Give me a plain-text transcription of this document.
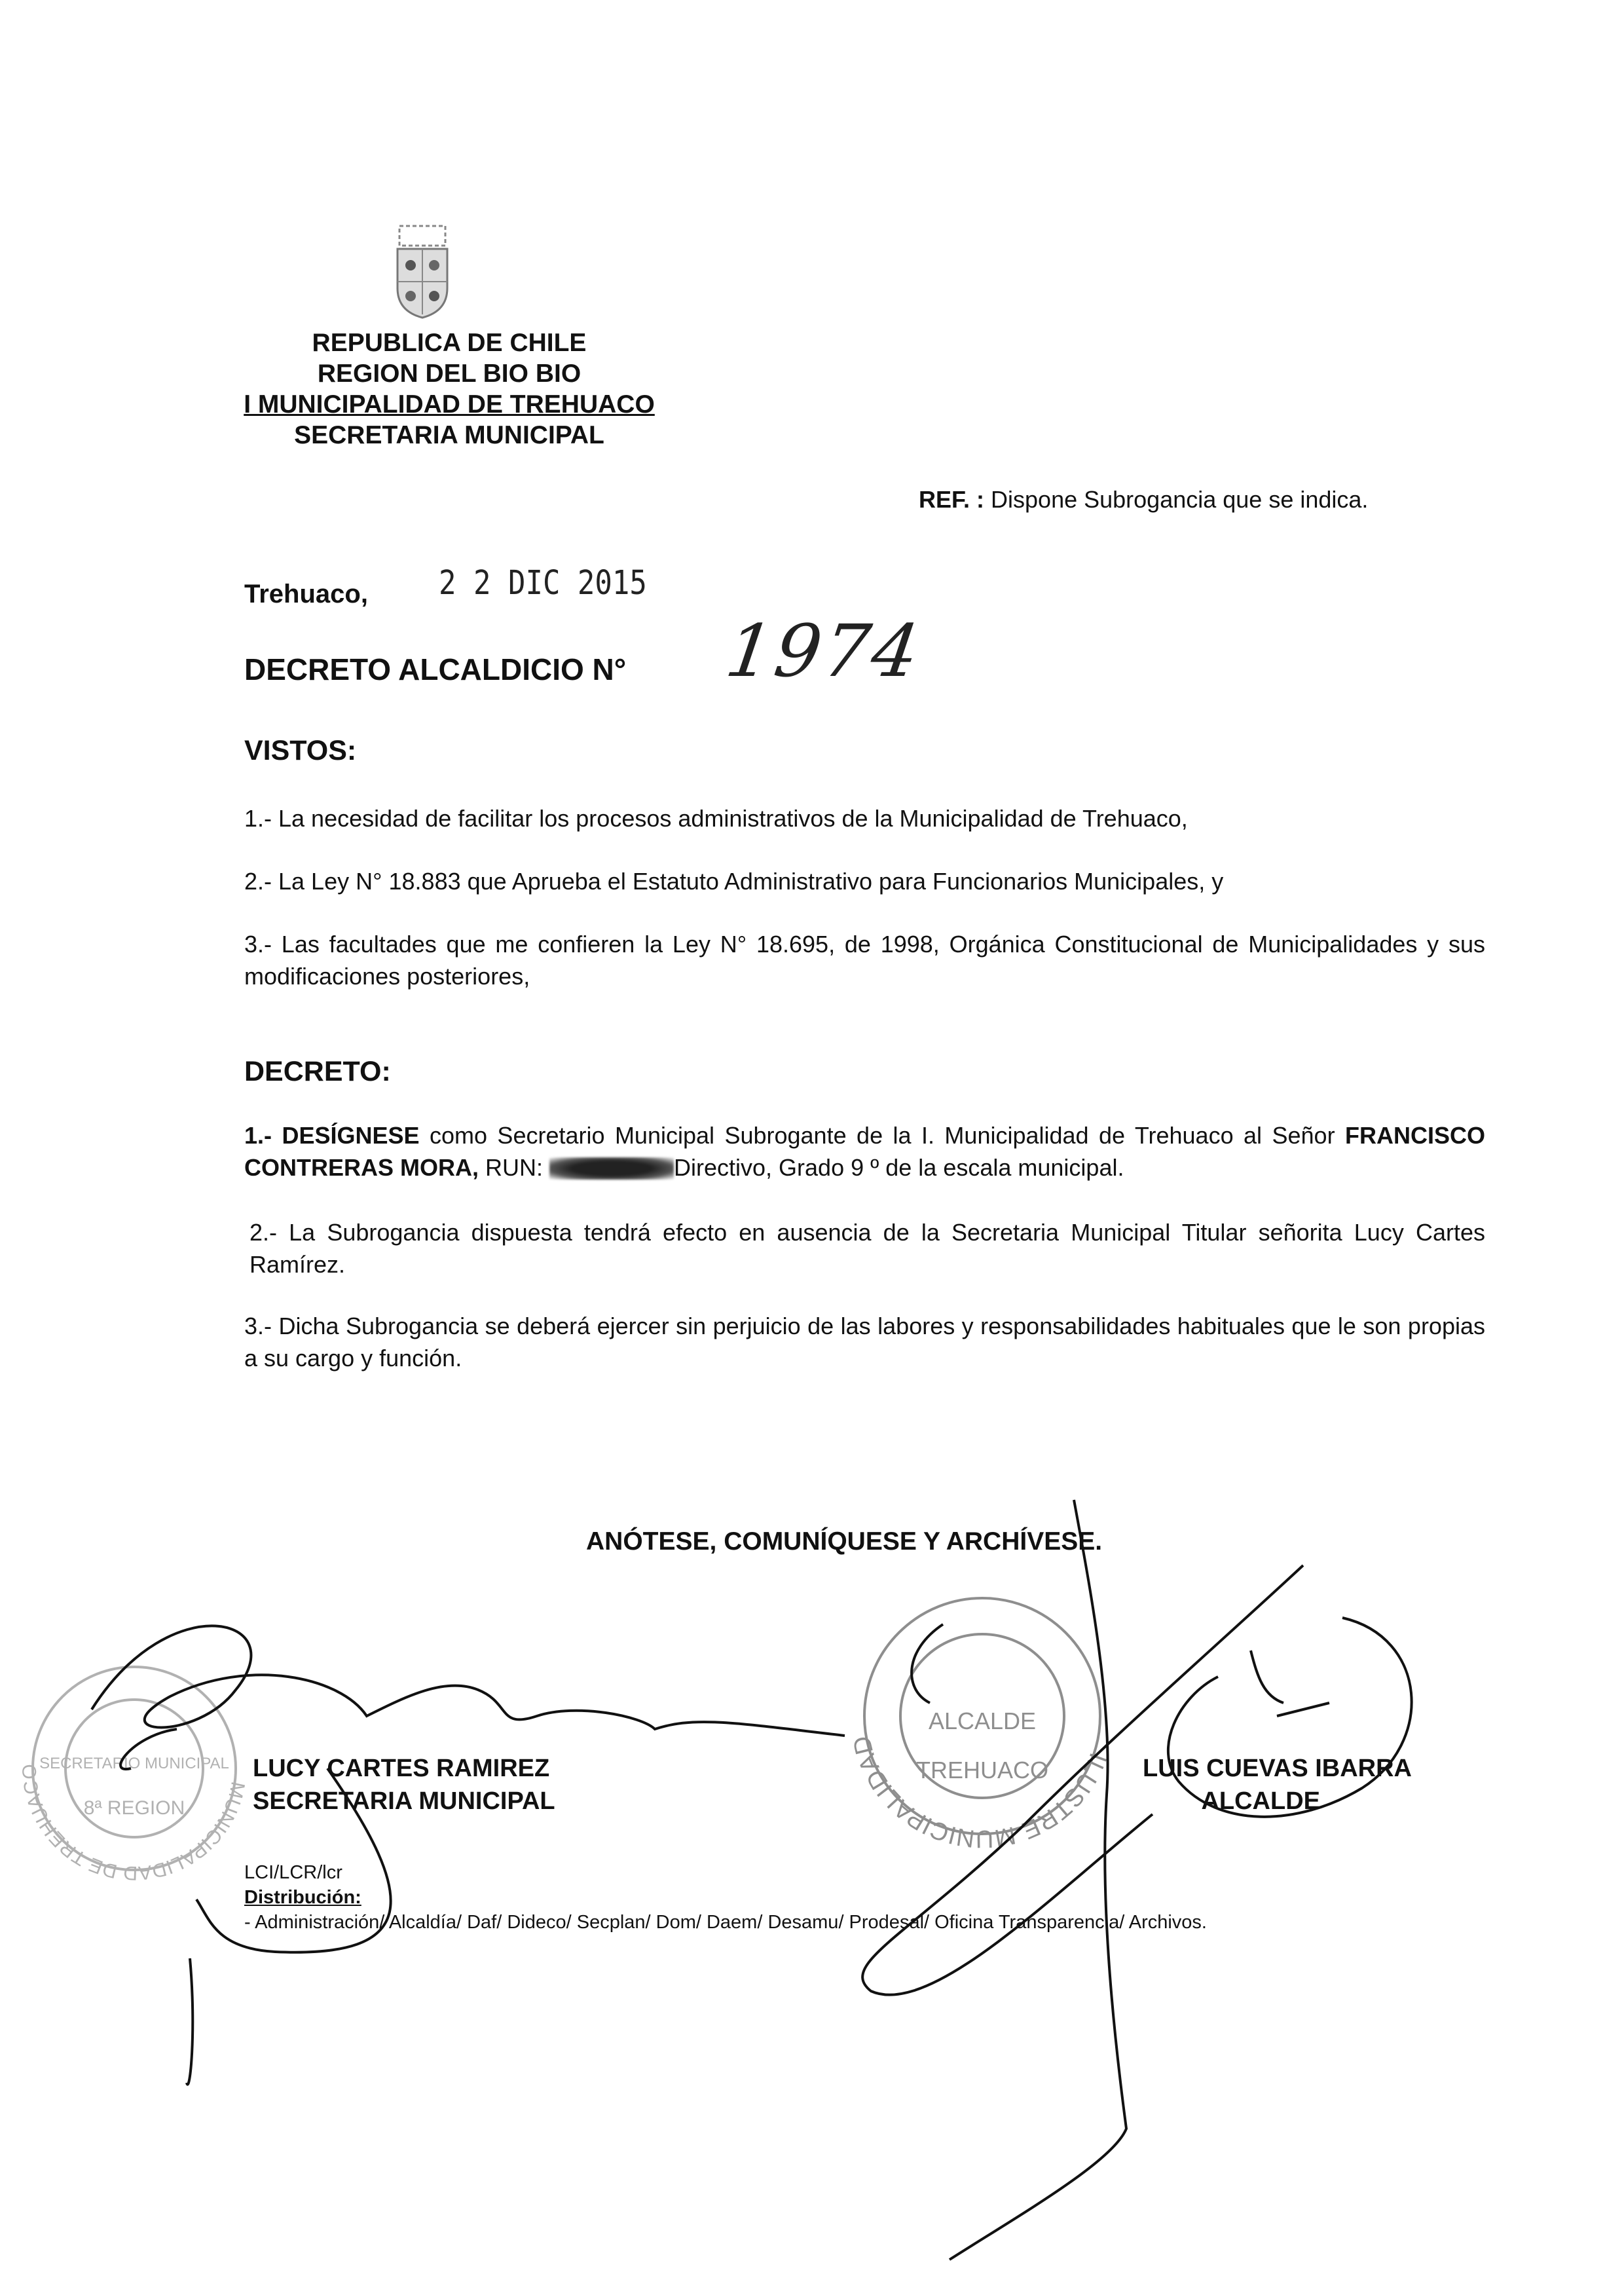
REPUBLICA DE CHILE
REGION DEL BIO BIO
I MUNICIPALIDAD DE TREHUACO
SECRETARIA MUNICIPAL
REF. : Dispone Subrogancia que se indica.
Trehuaco, 2 2 DIC 2015
DECRETO ALCALDICIO N° 1974
VISTOS:
1.- La necesidad de facilitar los procesos administrativos de la Municipalidad de Trehuaco,
2.- La Ley N° 18.883 que Aprueba el Estatuto Administrativo para Funcionarios Municipales, y
3.- Las facultades que me confieren la Ley N° 18.695, de 1998, Orgánica Constitucional de Municipalidades y sus modificaciones posteriores,
DECRETO:
1.- DESÍGNESE como Secretario Municipal Subrogante de la I. Municipalidad de Trehuaco al Señor FRANCISCO CONTRERAS MORA, RUN:	Directivo, Grado 9 º de la escala municipal.
2.- La Subrogancia dispuesta tendrá efecto en ausencia de la Secretaria Municipal Titular señorita Lucy Cartes Ramírez.
3.- Dicha Subrogancia se deberá ejercer sin perjuicio de las labores y responsabilidades habituales que le son propias a su cargo y función.
ANÓTESE, COMUNÍQUESE Y ARCHÍVESE.
MUNICIPALIDAD DE TREHUACO
SECRETARIO MUNICIPAL
8ª REGION
ILUSTRE MUNICIPALIDAD
ALCALDE
TREHUACO
LUCY CARTES RAMIREZ
SECRETARIA MUNICIPAL
LUIS CUEVAS IBARRA
ALCALDE
LCI/LCR/lcr
Distribución:
- Administración/ Alcaldía/ Daf/ Dideco/ Secplan/ Dom/ Daem/ Desamu/ Prodesal/ Oficina Transparencia/ Archivos.
